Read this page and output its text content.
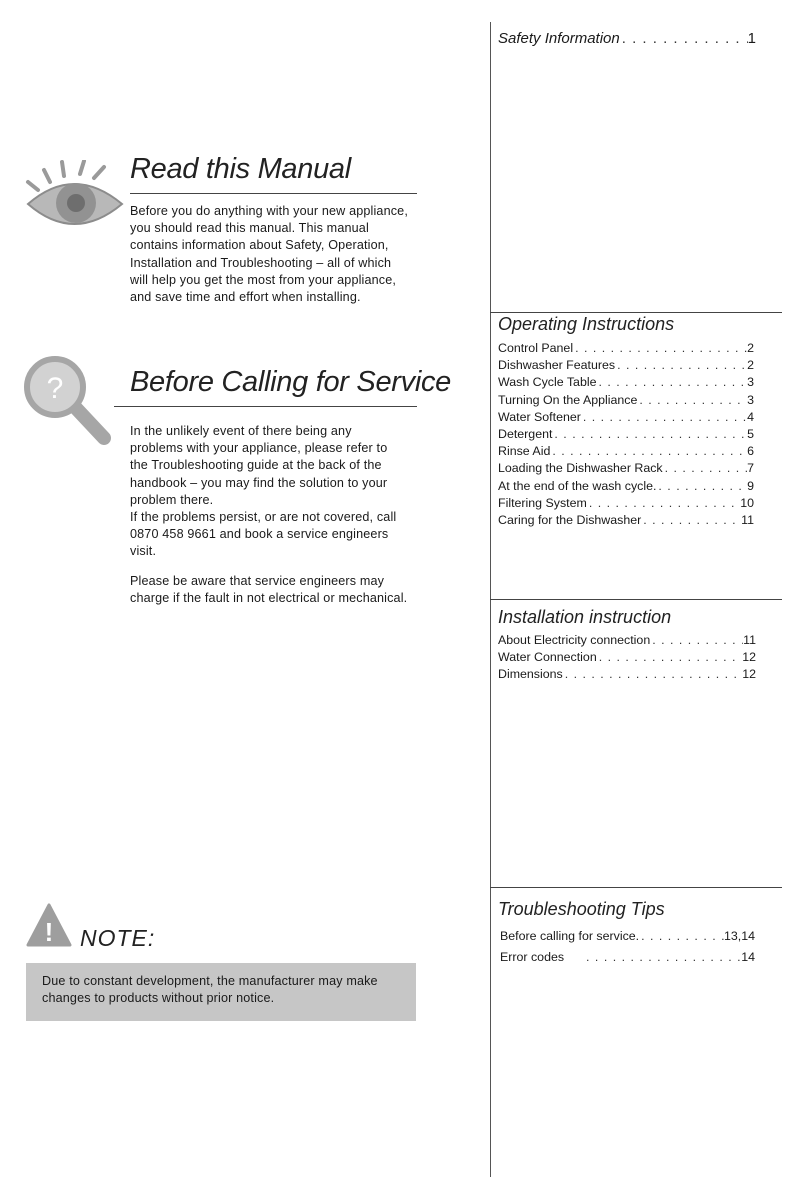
Safety Information . . .	1
Read this Manual

Before you do anything with your new appliance,

you should read this manual. This manual

contains information about Safety, Operation,

Installation and Troubleshooting – all of which

will help you get the most from your appliance,

and save time and effort when installing.

? Before Calling for Service

In the unlikely event of there being any

problems with your appliance, please refer to

the Troubleshooting guide at the back of the

handbook – you may find the solution to your

problem there.

If the problems persist, or are not covered, call

0870 458 9661 and book a service engineers

visit.

Please be aware that service engineers may

charge if the fault in not electrical or mechanical.

! NOTE:
Due to constant development, the manufacturer may make
changes to products without prior notice.
Operating Instructions
Control Panel . . .	2
Dishwasher Features . . .	2
Wash Cycle Table . . .	3
Turning On the Appliance . . .	3
Water Softener . . .	4
Detergent . . .	5
Rinse Aid . . .	6
Loading the Dishwasher Rack . . .	7
At the end of the wash cycle. . . .	9
Filtering System . . .	10
Caring for the Dishwasher . . .	11
Installation instruction
About Electricity connection . . .	11
Water Connection . . .	12
Dimensions . . .	12
Troubleshooting Tips
Before calling for service. . . .	13,14
Error codes . . .	14
